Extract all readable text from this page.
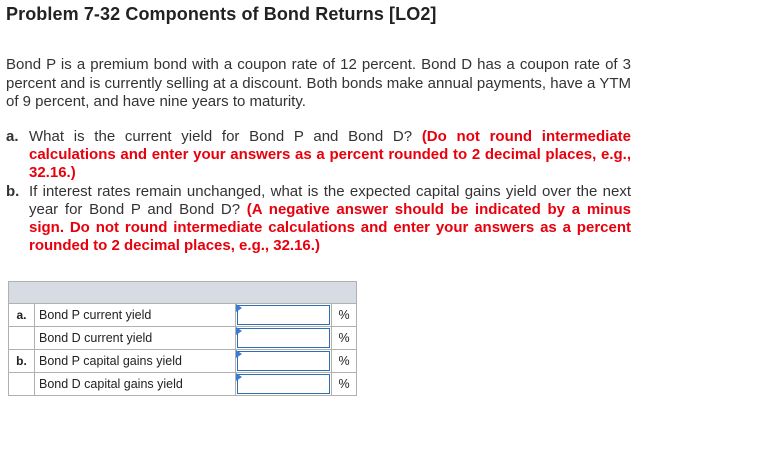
Problem 7-32 Components of Bond Returns [LO2]
Bond P is a premium bond with a coupon rate of 12 percent. Bond D has a coupon rate of 3 percent and is currently selling at a discount. Both bonds make annual payments, have a YTM of 9 percent, and have nine years to maturity.
a. What is the current yield for Bond P and Bond D? (Do not round intermediate calculations and enter your answers as a percent rounded to 2 decimal places, e.g., 32.16.)
b. If interest rates remain unchanged, what is the expected capital gains yield over the next year for Bond P and Bond D? (A negative answer should be indicated by a minus sign. Do not round intermediate calculations and enter your answers as a percent rounded to 2 decimal places, e.g., 32.16.)

a.	Bond P current yield		%
	Bond D current yield		%
b.	Bond P capital gains yield		%
	Bond D capital gains yield		%
